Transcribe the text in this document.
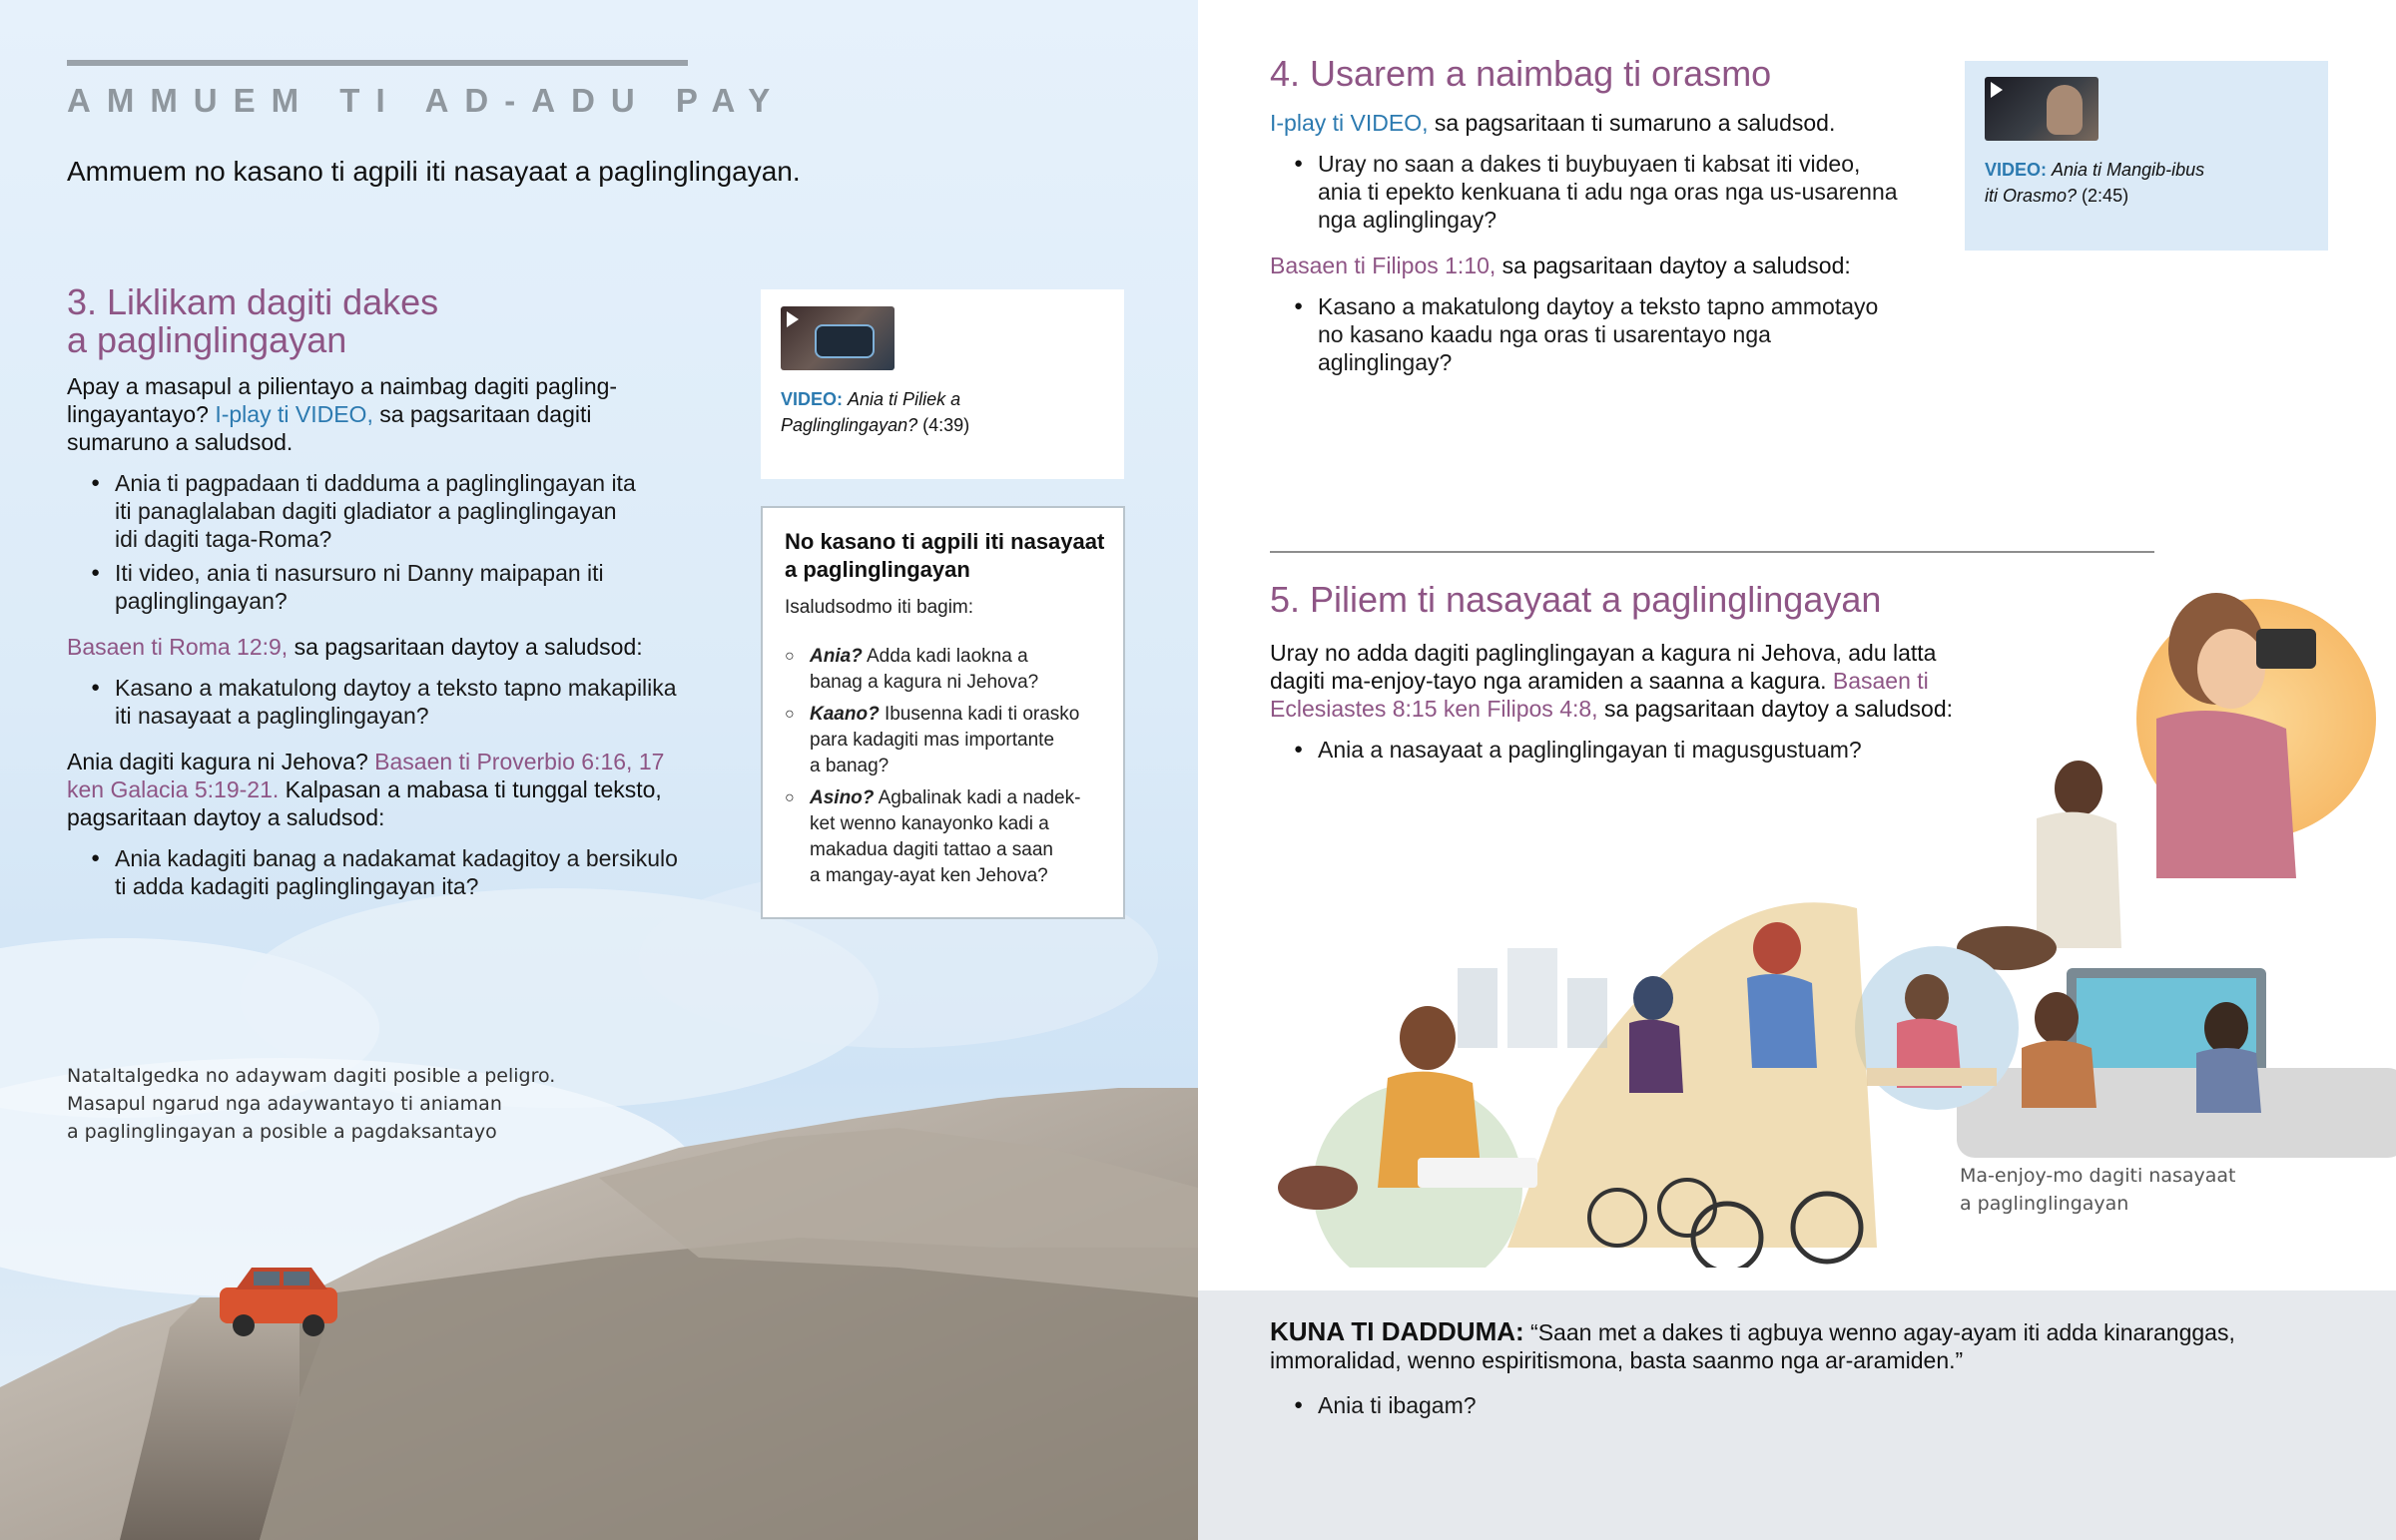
AMMUEM TI AD-ADU PAY
Ammuem no kasano ti agpili iti nasayaat a paglinglingayan.
3. Liklikam dagiti dakes
a paglinglingayan
Apay a masapul a pilientayo a naimbag dagiti pagling-
lingayantayo? I-play ti VIDEO, sa pagsaritaan dagiti
sumaruno a saludsod.
● Ania ti pagpadaan ti dadduma a paglinglingayan ita
iti panaglalaban dagiti gladiator a paglinglingayan
idi dagiti taga-Roma?
● Iti video, ania ti nasursuro ni Danny maipapan iti
paglinglingayan?
Basaen ti Roma 12:9, sa pagsaritaan daytoy a saludsod:
● Kasano a makatulong daytoy a teksto tapno makapilika
iti nasayaat a paglinglingayan?
Ania dagiti kagura ni Jehova? Basaen ti Proverbio 6:16, 17
ken Galacia 5:19-21. Kalpasan a mabasa ti tunggal teksto,
pagsaritaan daytoy a saludsod:
● Ania kadagiti banag a nadakamat kadagitoy a bersikulo
ti adda kadagiti paglinglingayan ita?
VIDEO: Ania ti Piliek a
Paglinglingayan? (4:39)
No kasano ti agpili iti nasayaat a paglinglingayan
Isaludsodmo iti bagim:
○ Ania? Adda kadi laokna a
banag a kagura ni Jehova?
○ Kaano? Ibusenna kadi ti orasko
para kadagiti mas importante
a banag?
○ Asino? Agbalinak kadi a nadek-
ket wenno kanayonko kadi a
makadua dagiti tattao a saan
a mangay-ayat ken Jehova?
Nataltalgedka no adaywam dagiti posible a peligro.
Masapul ngarud nga adaywantayo ti aniaman
a paglinglingayan a posible a pagdaksantayo
4. Usarem a naimbag ti orasmo
I-play ti VIDEO, sa pagsaritaan ti sumaruno a saludsod.
● Uray no saan a dakes ti buybuyaen ti kabsat iti video,
ania ti epekto kenkuana ti adu nga oras nga us-usarenna
nga aglinglingay?
Basaen ti Filipos 1:10, sa pagsaritaan daytoy a saludsod:
● Kasano a makatulong daytoy a teksto tapno ammotayo
no kasano kaadu nga oras ti usarentayo nga aglinglingay?
VIDEO: Ania ti Mangib-ibus
iti Orasmo? (2:45)
5. Piliem ti nasayaat a paglinglingayan
Uray no adda dagiti paglinglingayan a kagura ni Jehova, adu latta
dagiti ma-enjoy-tayo nga aramiden a saanna a kagura. Basaen ti
Eclesiastes 8:15 ken Filipos 4:8, sa pagsaritaan daytoy a saludsod:
● Ania a nasayaat a paglinglingayan ti magusgustuam?
Ma-enjoy-mo dagiti nasayaat
a paglinglingayan
KUNA TI DADDUMA: “Saan met a dakes ti agbuya wenno agay-ayam iti adda kinaranggas,
immoralidad, wenno espiritismona, basta saanmo nga ar-aramiden.”
● Ania ti ibagam?
